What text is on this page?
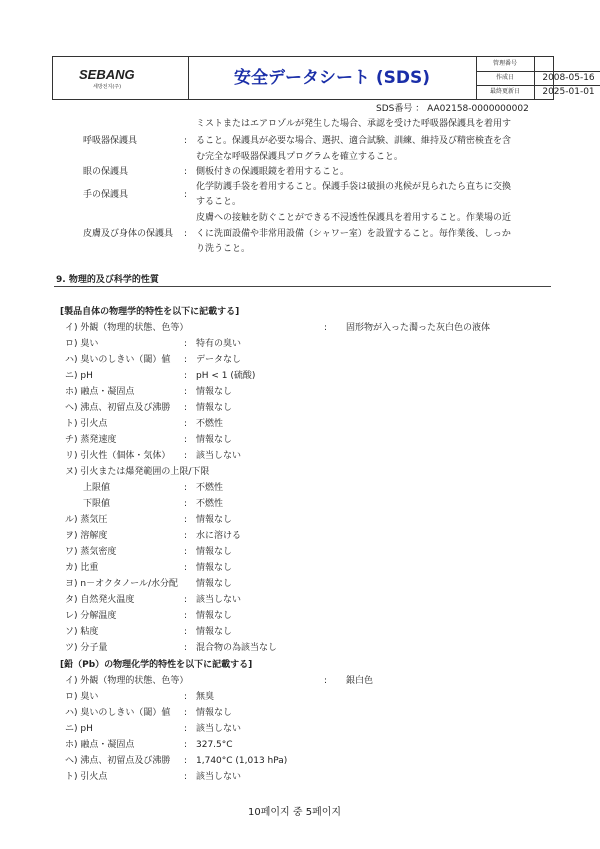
SEBANG
세방전지(주)	安全データシート (SDS)
管理番号
作成日	2008-05-16
最終更新日	2025-01-01
SDS番号 ： AA02158-0000000002
ミストまたはエアロゾルが発生した場合、承認を受けた呼吸器保護具を着用す
呼吸器保護具	: ること。保護具が必要な場合、選択、適合試験、訓練、維持及び精密検査を含
む完全な呼吸器保護具プログラムを確立すること。
眼の保護具	: 側板付きの保護眼鏡を着用すること。
化学防護手袋を着用すること。保護手袋は破損の兆候が見られたら直ちに交換
手の保護具	:
すること。
皮膚への接触を防ぐことができる不浸透性保護具を着用すること。作業場の近
皮膚及び身体の保護具 : くに洗面設備や非常用設備（シャワー室）を設置すること。毎作業後、しっか
り洗うこと。
9. 物理的及び科学的性質
[製品自体の物理学的特性を以下に記載する]
イ) 外観（物理的状態、色等）	: 固形物が入った濁った灰白色の液体
ロ) 臭い	: 特有の臭い
ハ) 臭いのしきい（閾）値 : データなし
ニ) pH	: pH < 1 (硫酸)
ホ) 融点・凝固点	: 情報なし
ヘ) 沸点、初留点及び沸勝 : 情報なし
ト) 引火点	: 不燃性
チ) 蒸発速度	: 情報なし
リ) 引火性（個体・気体） : 該当しない
ヌ) 引火または爆発範囲の上限/下限
上限値	: 不燃性
下限値	: 不燃性
ル) 蒸気圧	: 情報なし
ヲ) 溶解度	: 水に溶ける
ワ) 蒸気密度	: 情報なし
カ) 比重	: 情報なし
ヨ) n－オクタノール/水分配 情報なし
タ) 自然発火温度	: 該当しない
レ) 分解温度	: 情報なし
ソ) 粘度	: 情報なし
ツ) 分子量	: 混合物の為該当なし
[鉛（Pb）の物理化学的特性を以下に記載する]
イ) 外観（物理的状態、色等）	: 銀白色
ロ) 臭い	: 無臭
ハ) 臭いのしきい（閾）値 : 情報なし
ニ) pH	: 該当しない
ホ) 融点・凝固点	: 327.5°C
ヘ) 沸点、初留点及び沸勝 : 1,740°C (1,013 hPa)
ト) 引火点	: 該当しない
10페이지 중 5페이지
